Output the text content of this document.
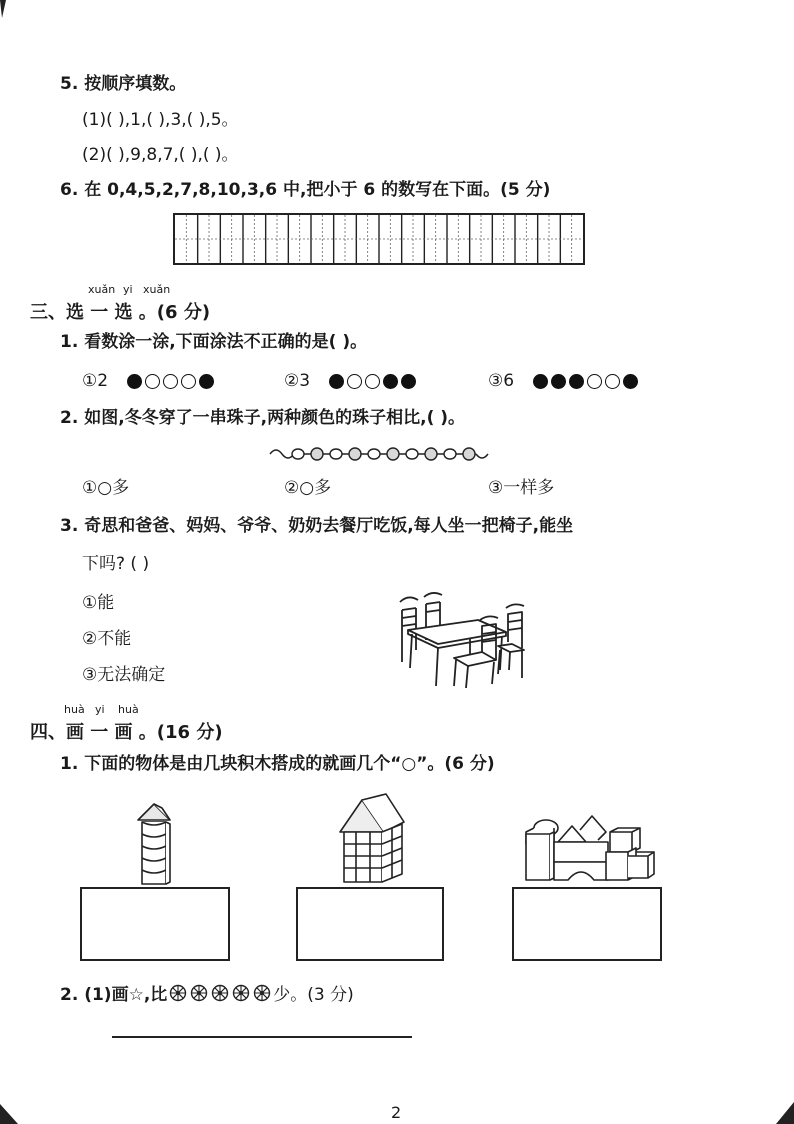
5. 按顺序填数。
(1)( ),1,( ),3,( ),5。
(2)( ),9,8,7,( ),( )。
6. 在 0,4,5,2,7,8,10,3,6 中,把小于 6 的数写在下面。(5 分)
xuǎn yi xuǎn
三、选 一 选 。(6 分)
1. 看数涂一涂,下面涂法不正确的是( )。
①2	②3	③6
2. 如图,冬冬穿了一串珠子,两种颜色的珠子相比,( )。
①○多	②○多	③一样多
3. 奇思和爸爸、妈妈、爷爷、奶奶去餐厅吃饭,每人坐一把椅子,能坐
下吗? ( )
①能
②不能
③无法确定
huà yi huà
四、画 一 画 。(16 分)
1. 下面的物体是由几块积木搭成的就画几个“○”。(6 分)
2. (1)画☆,比	少。(3 分)
2
